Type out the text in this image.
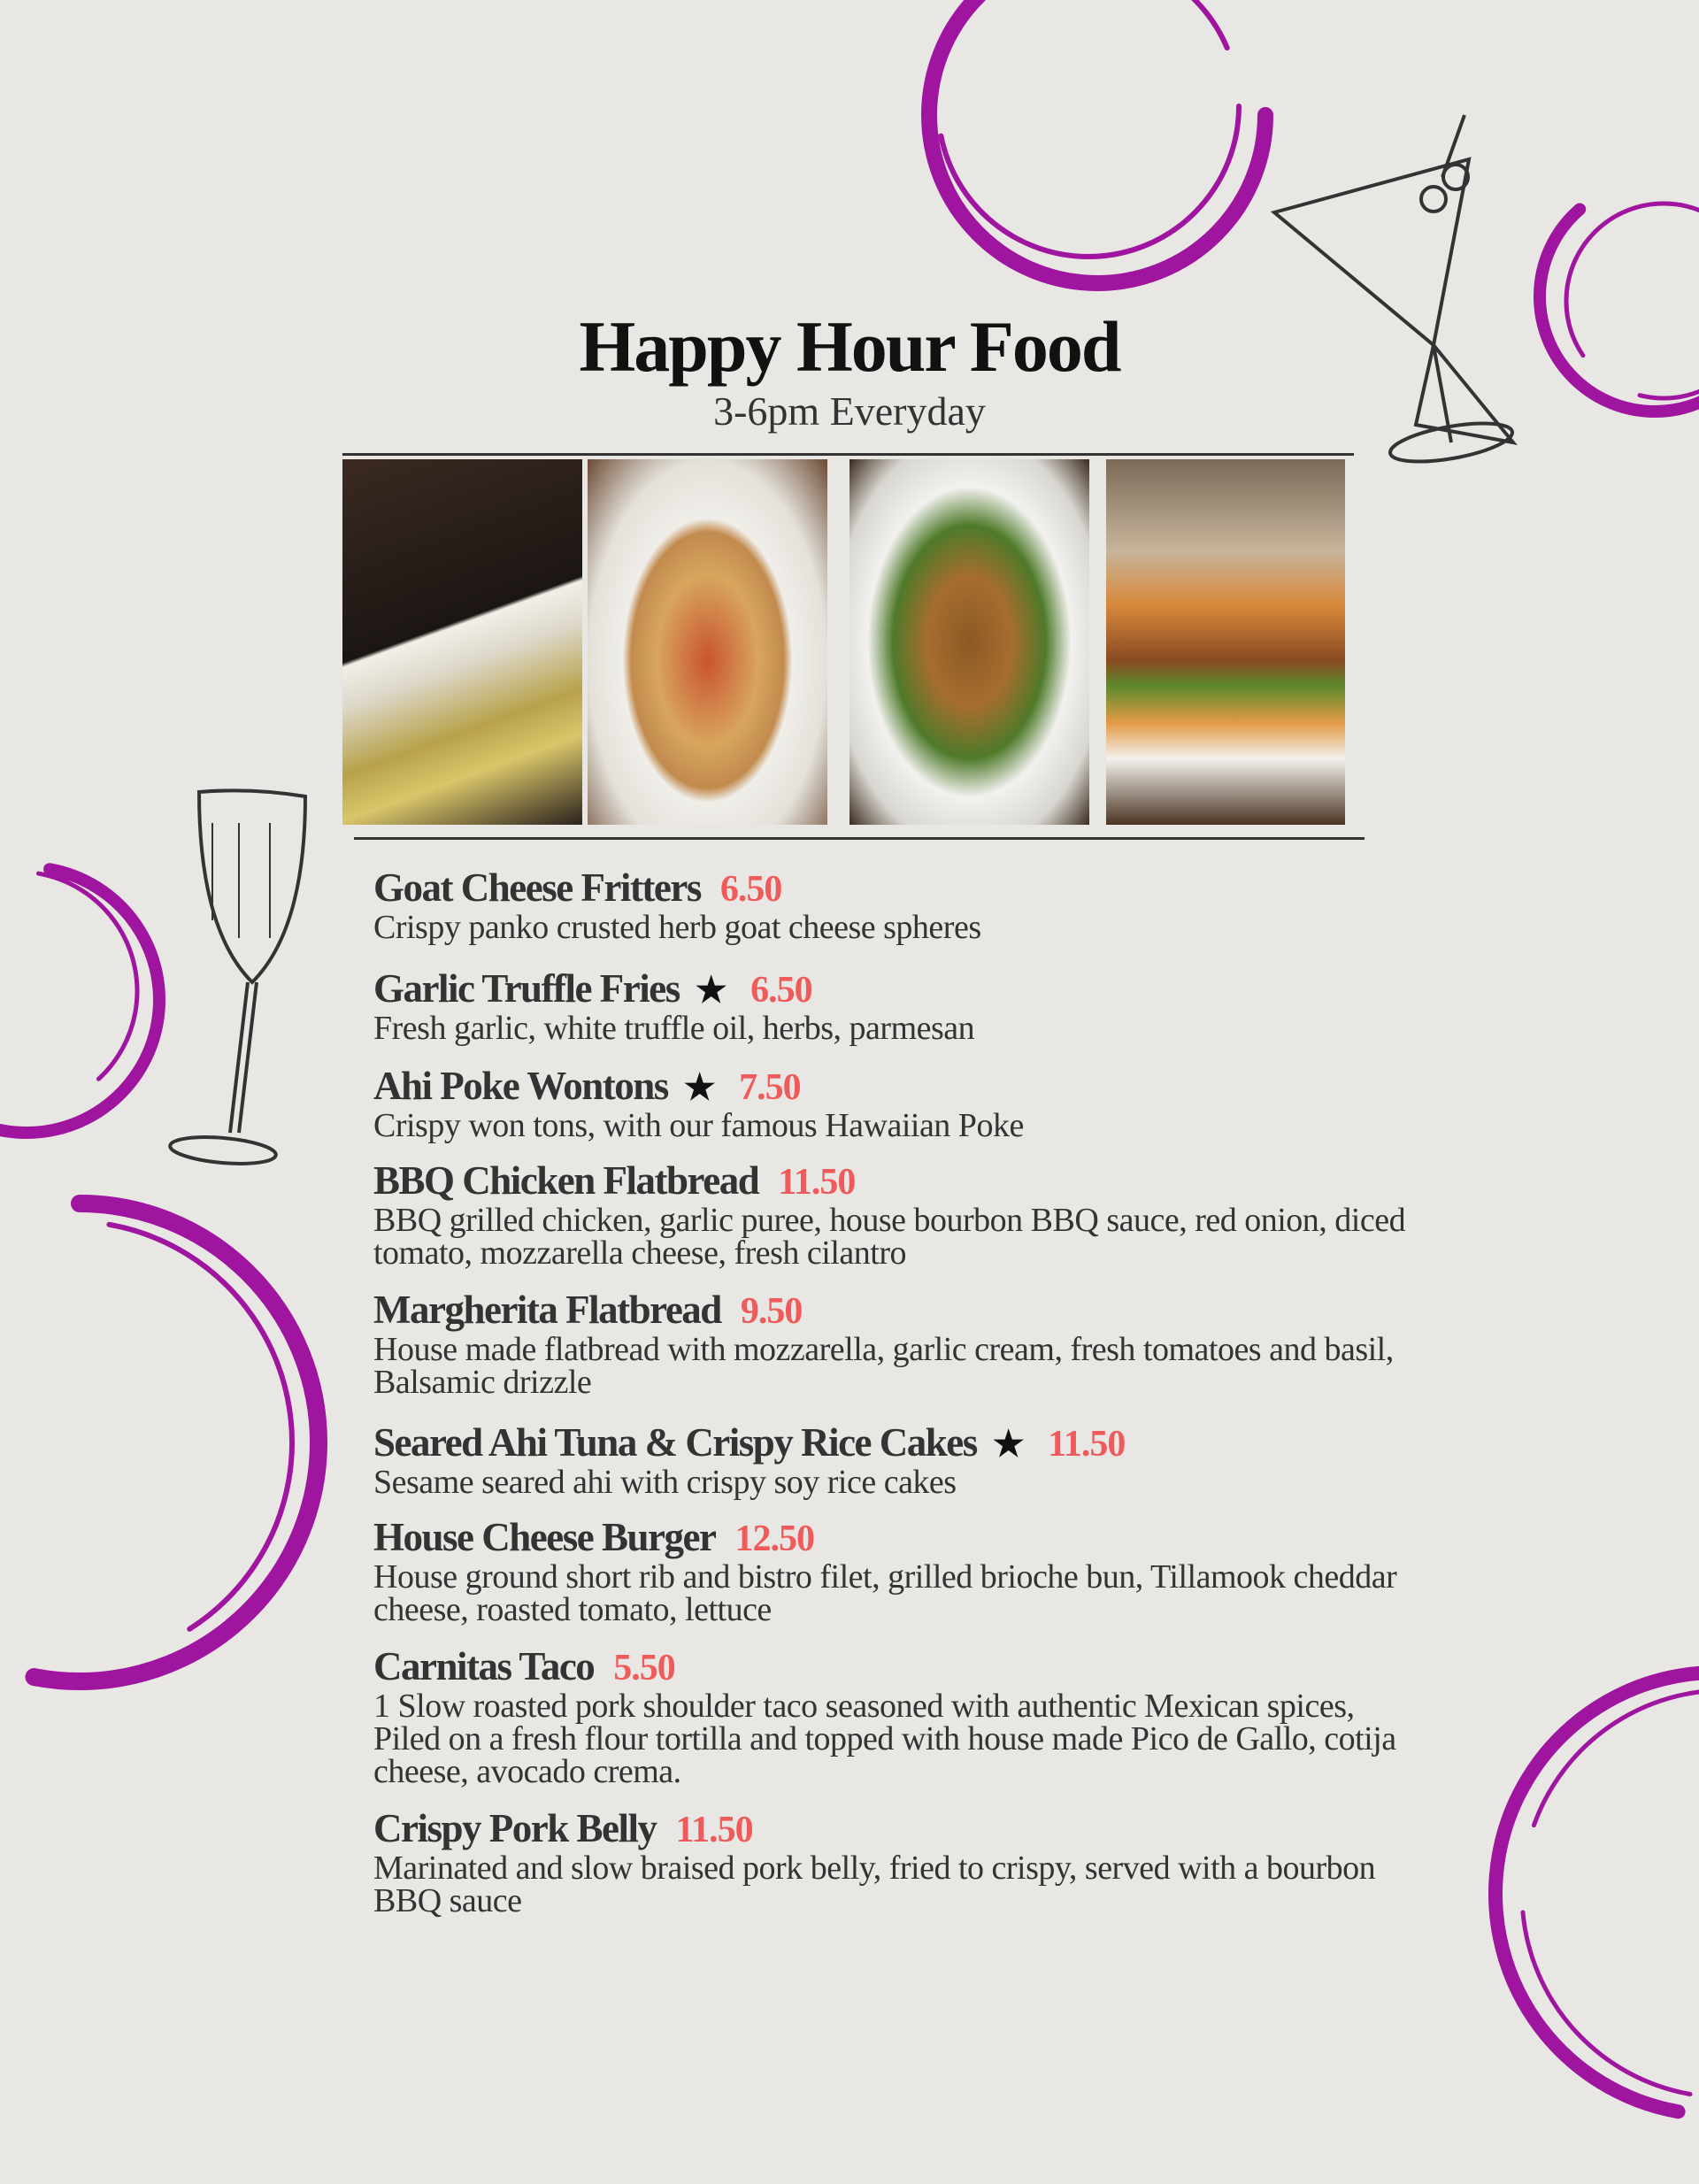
Happy Hour Food
3-6pm Everyday
Goat Cheese Fritters 6.50
Crispy panko crusted herb goat cheese spheres
Garlic Truffle Fries ★ 6.50
Fresh garlic, white truffle oil, herbs, parmesan
Ahi Poke Wontons ★ 7.50
Crispy won tons, with our famous Hawaiian Poke
BBQ Chicken Flatbread 11.50
BBQ grilled chicken, garlic puree, house bourbon BBQ sauce, red onion, diced tomato, mozzarella cheese, fresh cilantro
Margherita Flatbread 9.50
House made flatbread with mozzarella, garlic cream, fresh tomatoes and basil, Balsamic drizzle
Seared Ahi Tuna & Crispy Rice Cakes ★ 11.50
Sesame seared ahi with crispy soy rice cakes
House Cheese Burger 12.50
House ground short rib and bistro filet, grilled brioche bun, Tillamook cheddar cheese, roasted tomato, lettuce
Carnitas Taco 5.50
1 Slow roasted pork shoulder taco seasoned with authentic Mexican spices, Piled on a fresh flour tortilla and topped with house made Pico de Gallo, cotija cheese, avocado crema.
Crispy Pork Belly 11.50
Marinated and slow braised pork belly, fried to crispy, served with a bourbon BBQ sauce
